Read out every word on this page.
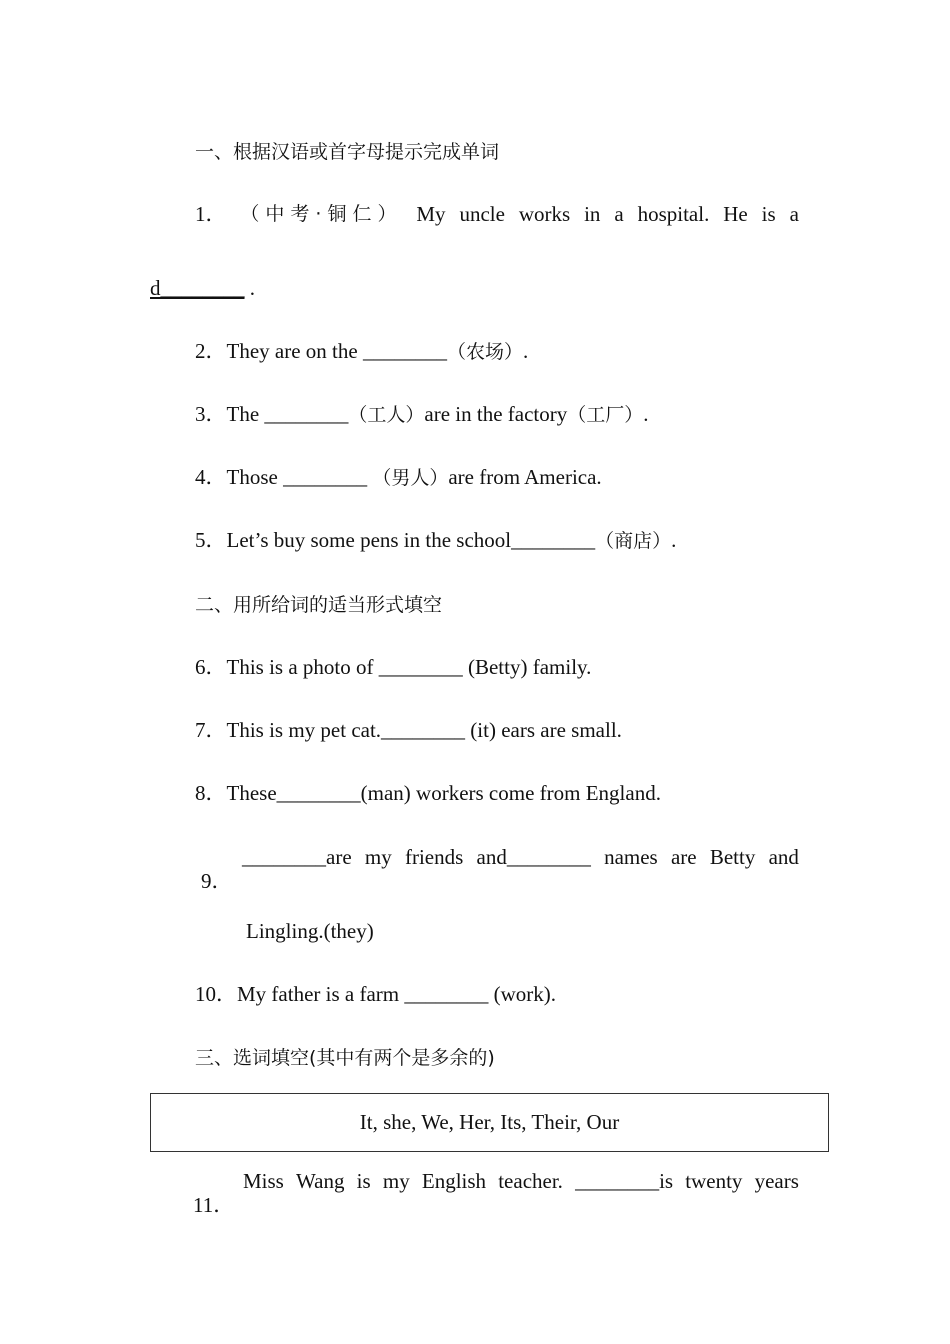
一、根据汉语或首字母提示完成单词
1． （中考·铜仁） My uncle works in a hospital. He is a
d________ .
2．They are on the ________（农场）.
3．The ________（工人）are in the factory（工厂）.
4．Those ________ （男人）are from America.
5．Let’s buy some pens in the school________（商店）.
二、用所给词的适当形式填空
6．This is a photo of ________ (Betty) family.
7．This is my pet cat.________ (it) ears are small.
8．These________(man) workers come from England.

9．

________are my friends and________ names are Betty and

Lingling.(they)
10．My father is a farm ________ (work).
三、选词填空(其中有两个是多余的)
It, she, We, Her, Its, Their, Our

11．

Miss Wang is my English teacher. ________is twenty years
